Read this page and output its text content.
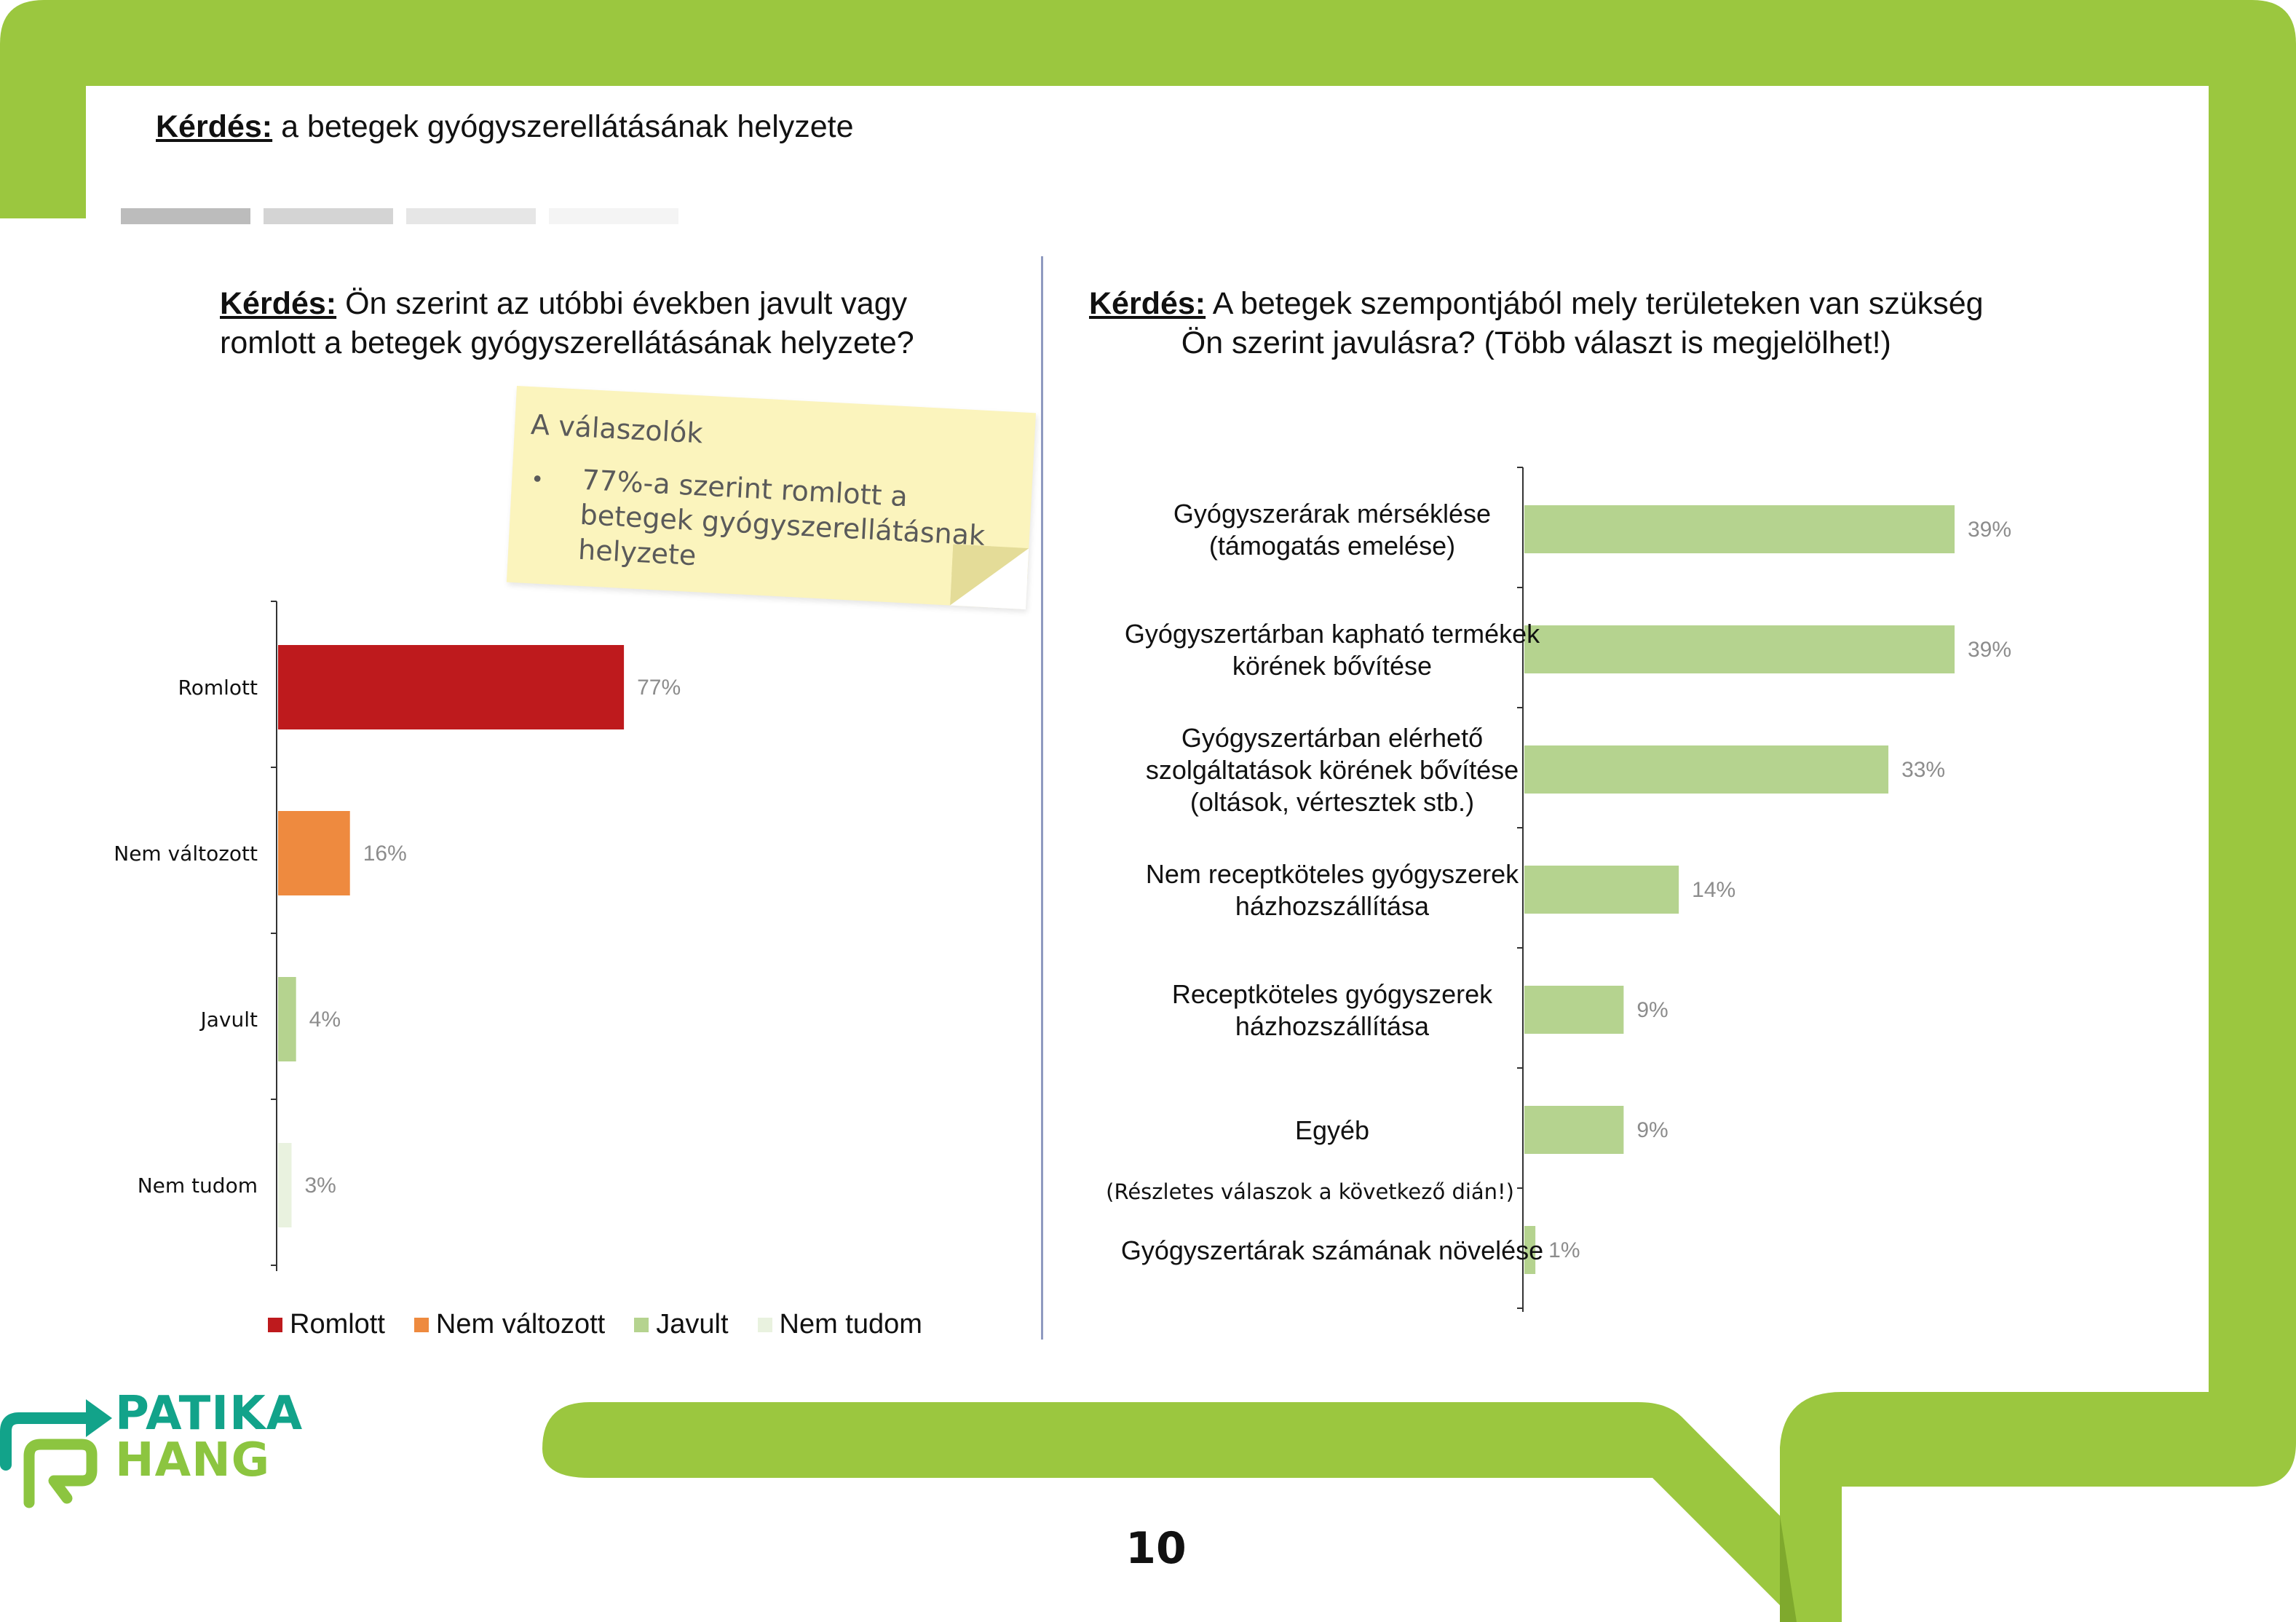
Kérdés: a betegek gyógyszerellátásának helyzete
Kérdés: Ön szerint az utóbbi években javult vagy
romlott a betegek gyógyszerellátásának helyzete?
Kérdés: A betegek szempontjából mely területeken van szükség
Ön szerint javulásra? (Több választ is megjelölhet!)
77%
Romlott
16%
Nem változott
4%
Javult
3%
Nem tudom
A válaszolók
• 77%-a szerint romlott a betegek gyógyszerellátásnak helyzete
Romlott Nem változott Javult Nem tudom
39%
Gyógyszerárak mérséklése (támogatás emelése)
39%
Gyógyszertárban kapható termékek körének bővítése
33%
Gyógyszertárban elérhető szolgáltatások körének bővítése (oltások, vértesztek stb.)
14%
Nem receptköteles gyógyszerek házhozszállítása
9%
Receptköteles gyógyszerek házhozszállítása
9%
Egyéb
1%
Gyógyszertárak számának növelése
(Részletes válaszok a következő dián!)
PATIKA
HANG
10
